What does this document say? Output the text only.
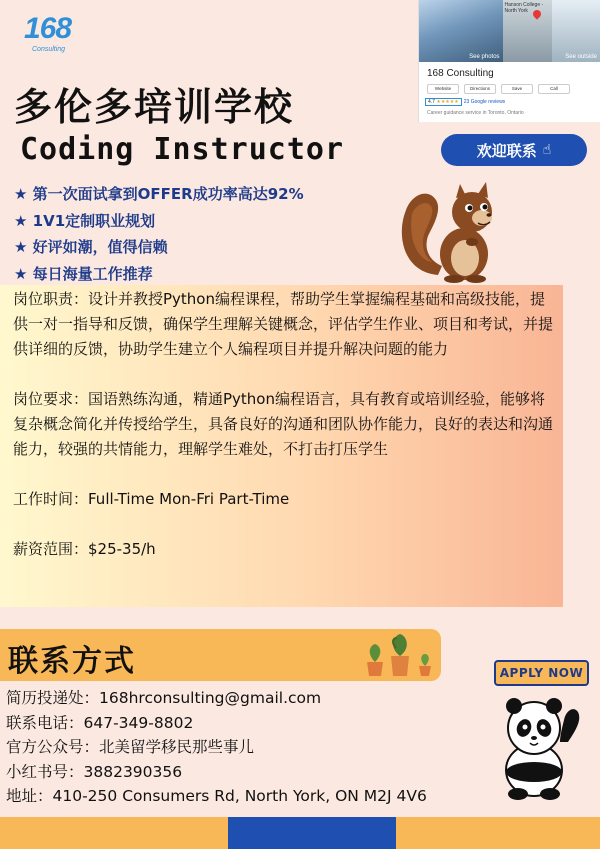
168
Consulting
多伦多培训学校
Coding Instructor
See photos
Hanson College - North York
See outside
168 Consulting
Website	Directions	Save	Call
4.7 ★★★★★	23 Google reviews
Career guidance service in Toronto, Ontario
欢迎联系 ☝
★ 第一次面试拿到OFFER成功率高达92%
★ 1V1定制职业规划
★ 好评如潮，值得信赖
★ 每日海量工作推荐

岗位职责：设计并教授Python编程课程，帮助学生掌握编程基础和高级技能，提供一对一指导和反馈，确保学生理解关键概念，评估学生作业、项目和考试，并提供详细的反馈，协助学生建立个人编程项目并提升解决问题的能力

岗位要求：国语熟练沟通，精通Python编程语言，具有教育或培训经验，能够将复杂概念简化并传授给学生，具备良好的沟通和团队协作能力，良好的表达和沟通能力，较强的共情能力，理解学生难处，不打击打压学生

工作时间：Full-Time Mon-Fri Part-Time

薪资范围：$25-35/h

联系方式	APPLY NOW
简历投递处：168hrconsulting@gmail.com
联系电话：647-349-8802
官方公众号：北美留学移民那些事儿
小红书号：3882390356
地址：410-250 Consumers Rd, North York, ON M2J 4V6
